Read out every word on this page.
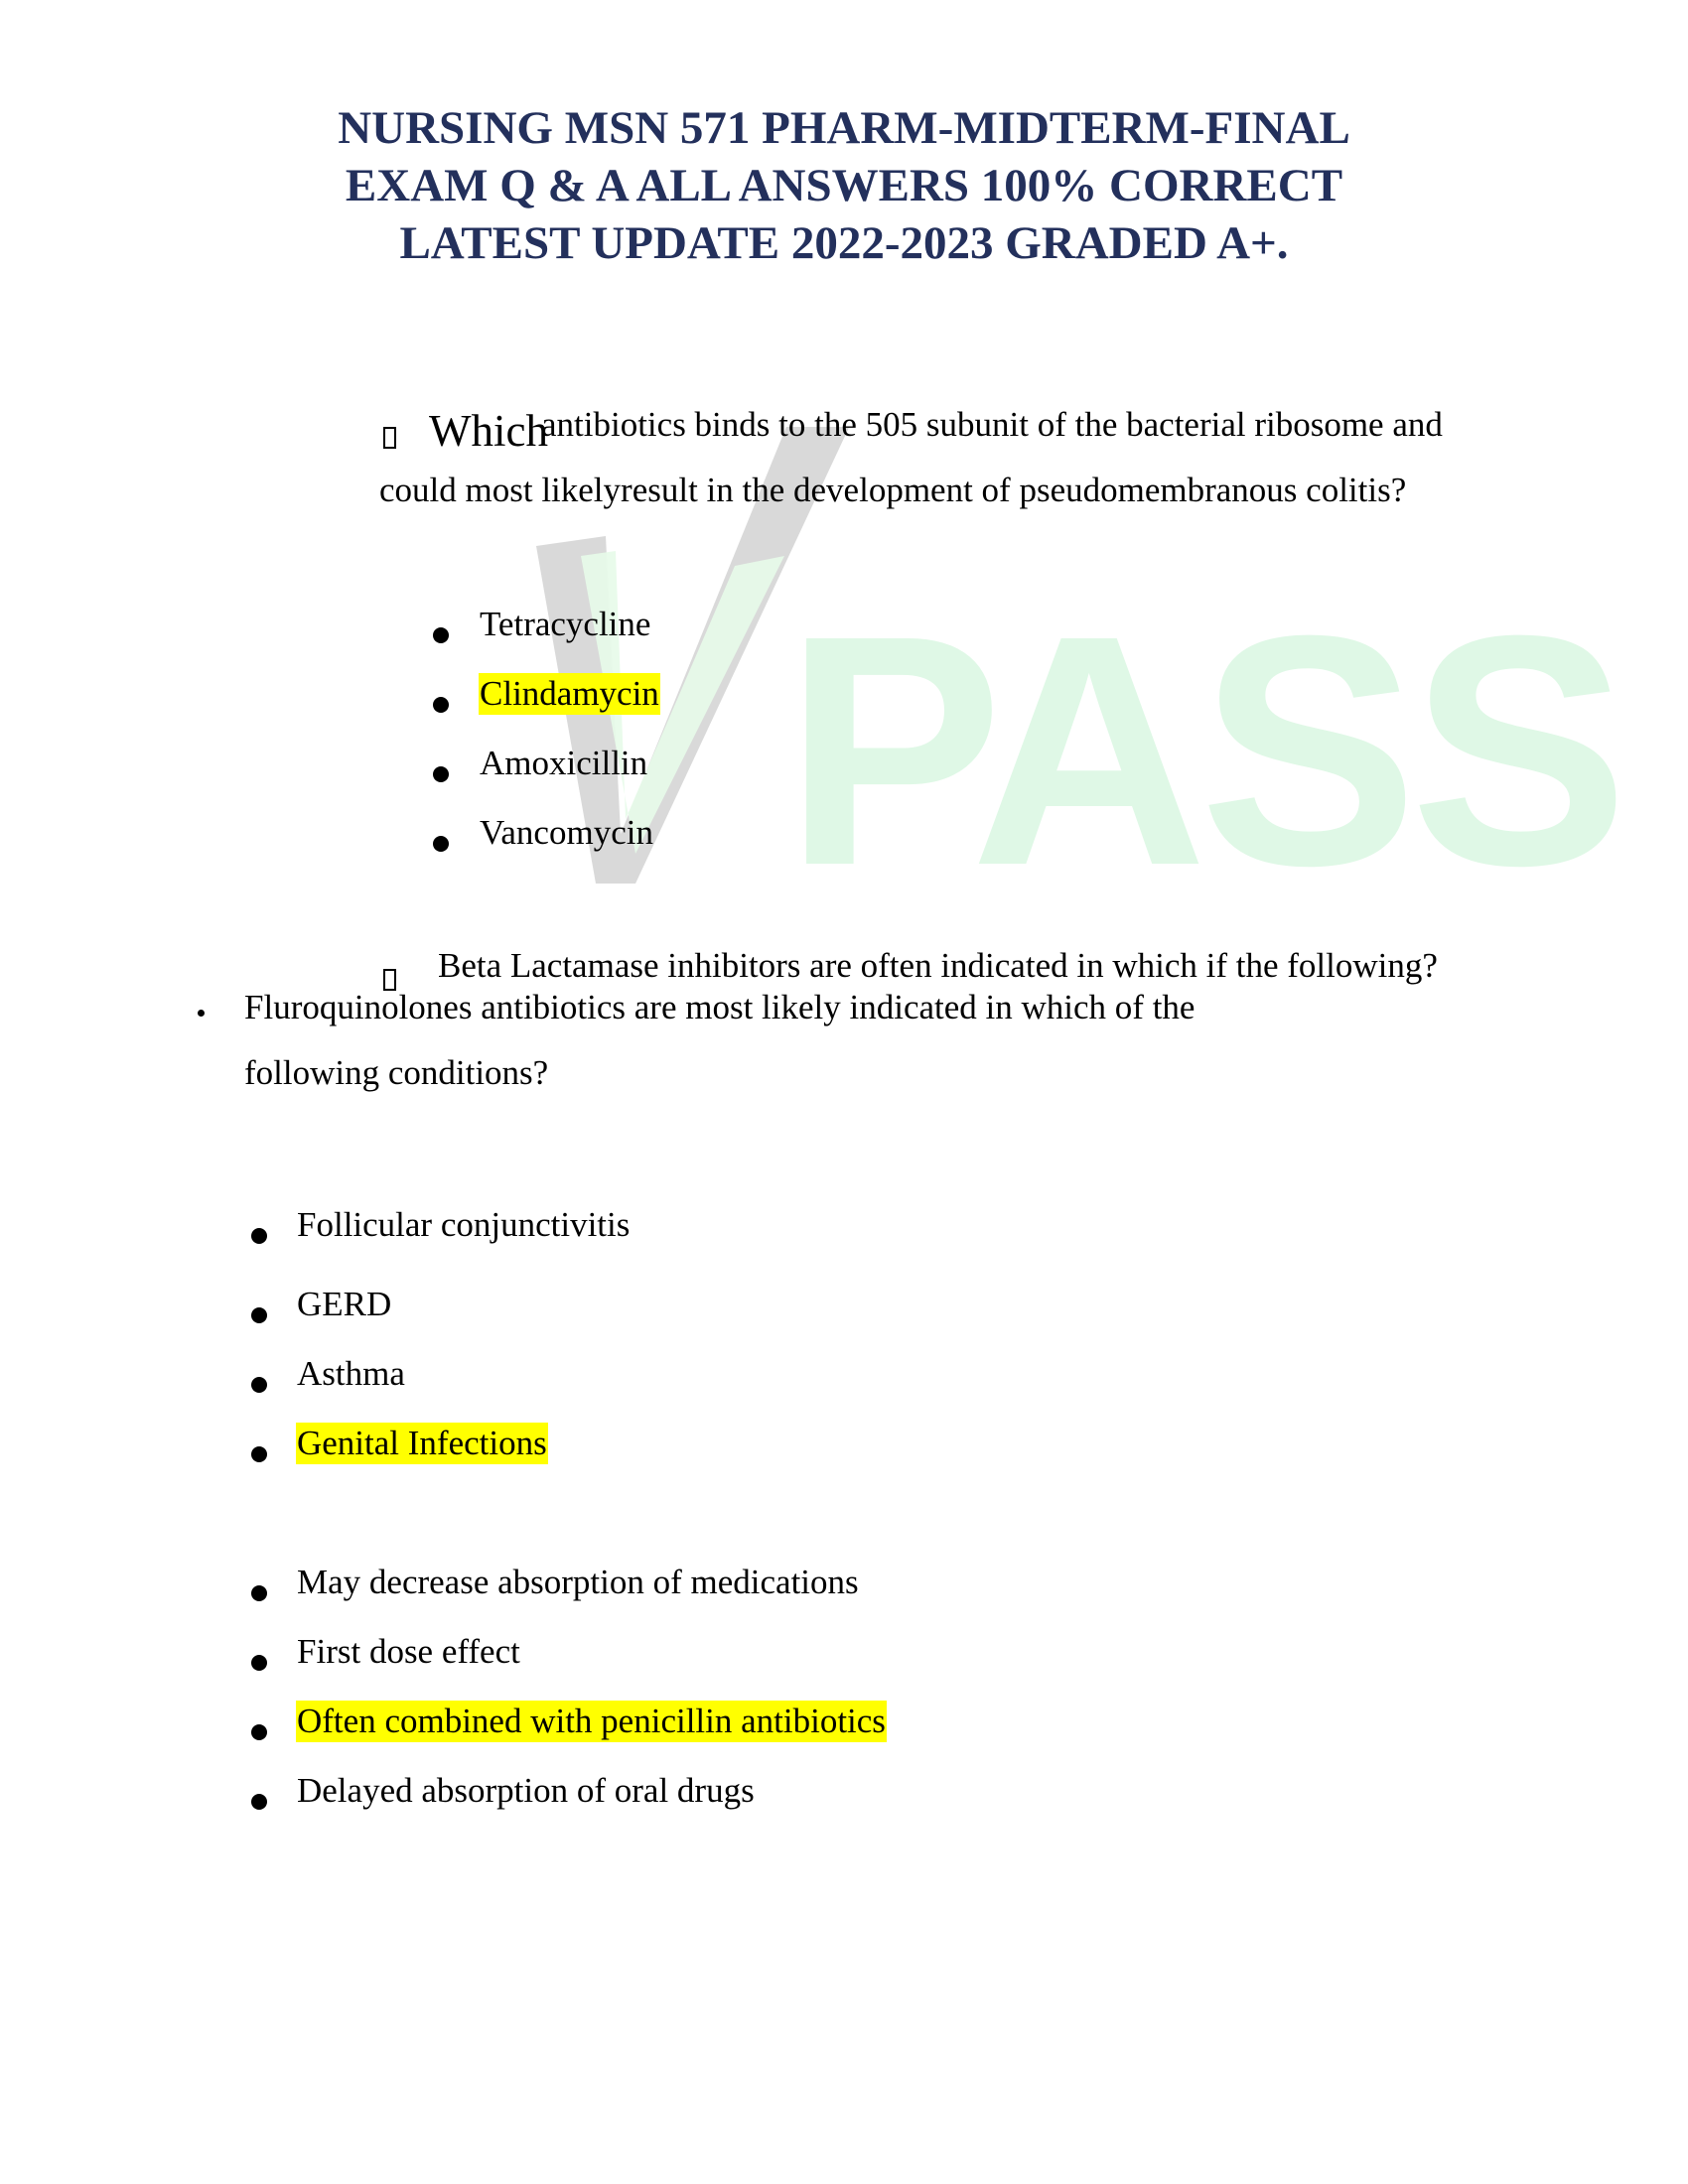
PASS
NURSING MSN 571 PHARM-MIDTERM-FINAL
EXAM Q & A ALL ANSWERS 100% CORRECT
LATEST UPDATE 2022-2023 GRADED A+.
Which
antibiotics binds to the 505 subunit of the bacterial ribosome and
could most likelyresult in the development of pseudomembranous colitis?
Tetracycline
Clindamycin
Amoxicillin
Vancomycin
Beta Lactamase inhibitors are often indicated in which if the following?
Fluroquinolones antibiotics are most likely indicated in which of the
following conditions?
Follicular conjunctivitis
GERD
Asthma
Genital Infections
May decrease absorption of medications
First dose effect
Often combined with penicillin antibiotics
Delayed absorption of oral drugs
